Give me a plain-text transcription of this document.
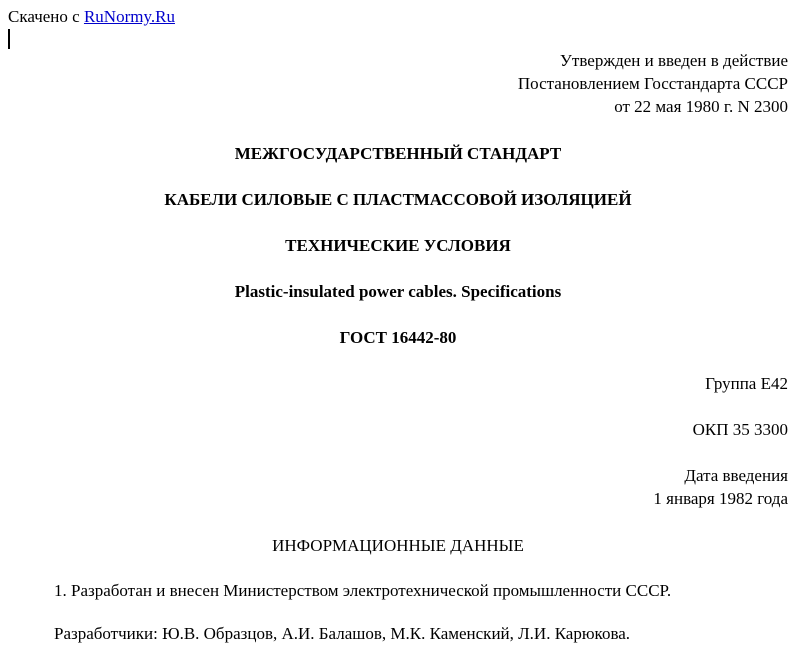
Скачено с RuNormy.Ru
Утвержден и введен в действие
Постановлением Госстандарта СССР
от 22 мая 1980 г. N 2300
МЕЖГОСУДАРСТВЕННЫЙ СТАНДАРТ
КАБЕЛИ СИЛОВЫЕ С ПЛАСТМАССОВОЙ ИЗОЛЯЦИЕЙ
ТЕХНИЧЕСКИЕ УСЛОВИЯ
Plastic-insulated power cables. Specifications
ГОСТ 16442-80
Группа Е42
ОКП 35 3300
Дата введения
1 января 1982 года
ИНФОРМАЦИОННЫЕ ДАННЫЕ
1. Разработан и внесен Министерством электротехнической промышленности СССР.
Разработчики: Ю.В. Образцов, А.И. Балашов, М.К. Каменский, Л.И. Карюкова.
